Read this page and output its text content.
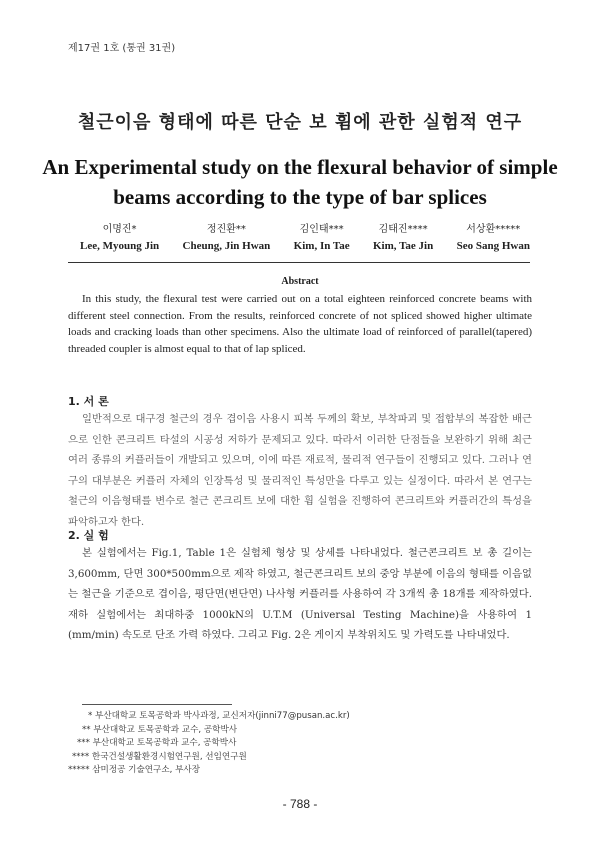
제17권 1호 (통권 31권)
철근이음 형태에 따른 단순 보 휨에 관한 실험적 연구
An Experimental study on the flexural behavior of simple beams according to the type of bar splices
이명진*
Lee, Myoung Jin
정진환**
Cheung, Jin Hwan
김인태***
Kim, In Tae
김태진****
Kim, Tae Jin
서상환*****
Seo Sang Hwan
Abstract
In this study, the flexural test were carried out on a total eighteen reinforced concrete beams with different steel connection. From the results, reinforced concrete of not spliced showed higher ultimate loads and cracking loads than other specimens. Also the ultimate load of reinforced of parallel(tapered) threaded coupler is almost equal to that of lap spliced.
1. 서 론
일반적으로 대구경 철근의 경우 겹이음 사용시 피복 두께의 확보, 부착파괴 및 접합부의 복잡한 배근으로 인한 콘크리트 타설의 시공성 저하가 문제되고 있다. 따라서 이러한 단점들을 보완하기 위해 최근 여러 종류의 커플러들이 개발되고 있으며, 이에 따른 재료적, 물리적 연구들이 진행되고 있다. 그러나 연구의 대부분은 커플러 자체의 인장특성 및 물리적인 특성만을 다루고 있는 실정이다. 따라서 본 연구는 철근의 이음형태를 변수로 철근 콘크리트 보에 대한 휨 실험을 진행하여 콘크리트와 커플러간의 특성을 파악하고자 한다.
2. 실 험
본 실험에서는 Fig.1, Table 1은 실험체 형상 및 상세를 나타내었다. 철근콘크리트 보 총 길이는 3,600mm, 단면 300*500mm으로 제작 하였고, 철근콘크리트 보의 중앙 부분에 이음의 형태를 이음없는 철근을 기준으로 겹이음, 평단면(변단면) 나사형 커플러를 사용하여 각 3개씩 총 18개를 제작하였다. 재하 실험에서는 최대하중 1000kN의 U.T.M (Universal Testing Machine)을 사용하여 1 (mm/min) 속도로 단조 가력 하였다. 그리고 Fig. 2은 게이지 부착위치도 및 가력도를 나타내었다.
* 부산대학교 토목공학과 박사과정, 교신저자(jinni77@pusan.ac.kr)
** 부산대학교 토목공학과 교수, 공학박사
*** 부산대학교 토목공학과 교수, 공학박사
**** 한국건설생활환경시험연구원, 선임연구원
***** 삼미정공 기술연구소, 부사장
- 788 -
